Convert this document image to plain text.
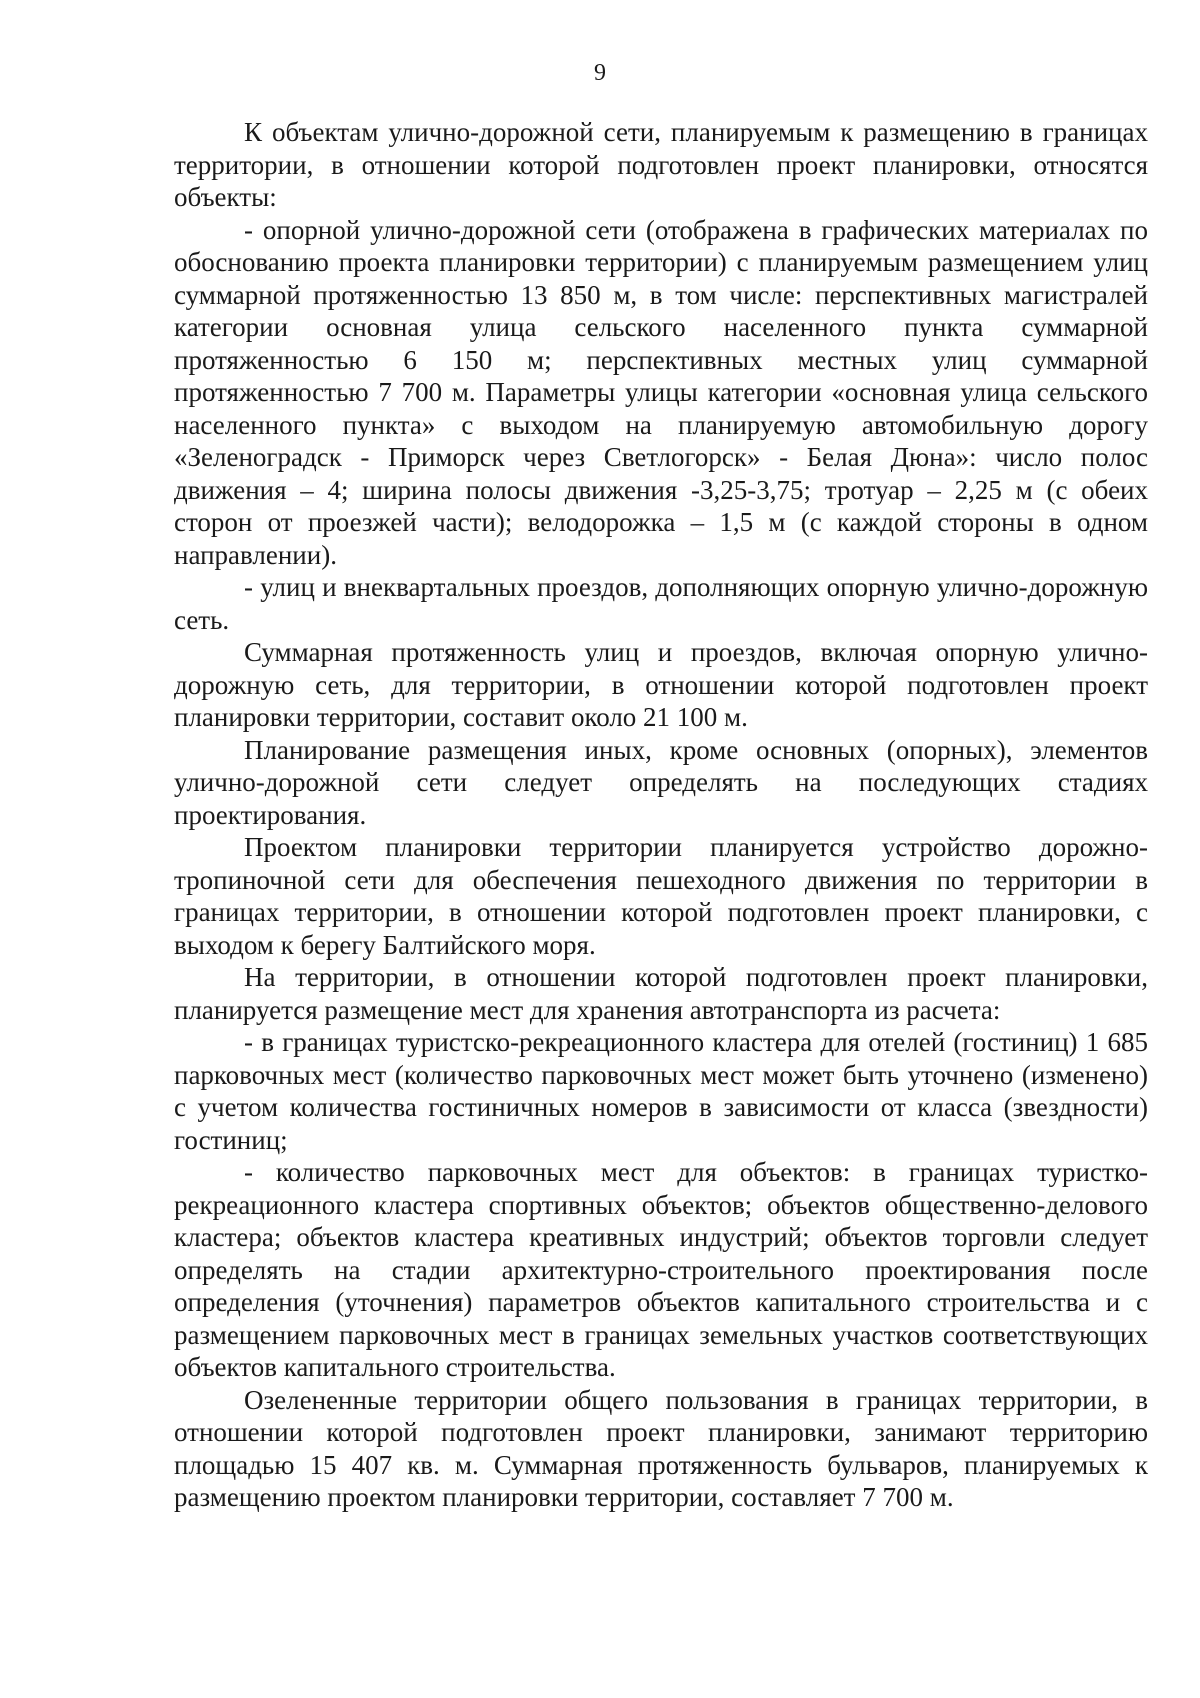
9

К объектам улично-дорожной сети, планируемым к размещению в границах территории, в отношении которой подготовлен проект планировки, относятся объекты:

- опорной улично-дорожной сети (отображена в графических материалах по обоснованию проекта планировки территории) с планируемым размещением улиц суммарной протяженностью 13 850 м, в том числе: перспективных магистралей категории основная улица сельского населенного пункта суммарной протяженностью 6 150 м; перспективных местных улиц суммарной протяженностью 7 700 м. Параметры улицы категории «основная улица сельского населенного пункта» с выходом на планируемую автомобильную дорогу «Зеленоградск - Приморск через Светлогорск» - Белая Дюна»: число полос движения – 4; ширина полосы движения -3,25-3,75; тротуар – 2,25 м (с обеих сторон от проезжей части); велодорожка – 1,5 м (с каждой стороны в одном направлении).

- улиц и внеквартальных проездов, дополняющих опорную улично-дорожную сеть.

Суммарная протяженность улиц и проездов, включая опорную улично-дорожную сеть, для территории, в отношении которой подготовлен проект планировки территории, составит около 21 100 м.

Планирование размещения иных, кроме основных (опорных), элементов улично-дорожной сети следует определять на последующих стадиях проектирования.

Проектом планировки территории планируется устройство дорожно-тропиночной сети для обеспечения пешеходного движения по территории в границах территории, в отношении которой подготовлен проект планировки, с выходом к берегу Балтийского моря.

На территории, в отношении которой подготовлен проект планировки, планируется размещение мест для хранения автотранспорта из расчета:

- в границах туристско-рекреационного кластера для отелей (гостиниц) 1 685 парковочных мест (количество парковочных мест может быть уточнено (изменено) с учетом количества гостиничных номеров в зависимости от класса (звездности) гостиниц;

- количество парковочных мест для объектов: в границах туристко-рекреационного кластера спортивных объектов; объектов общественно-делового кластера; объектов кластера креативных индустрий; объектов торговли следует определять на стадии архитектурно-строительного проектирования после определения (уточнения) параметров объектов капитального строительства и с размещением парковочных мест в границах земельных участков соответствующих объектов капитального строительства.

Озелененные территории общего пользования в границах территории, в отношении которой подготовлен проект планировки, занимают территорию площадью 15 407 кв. м. Суммарная протяженность бульваров, планируемых к размещению проектом планировки территории, составляет 7 700 м.
